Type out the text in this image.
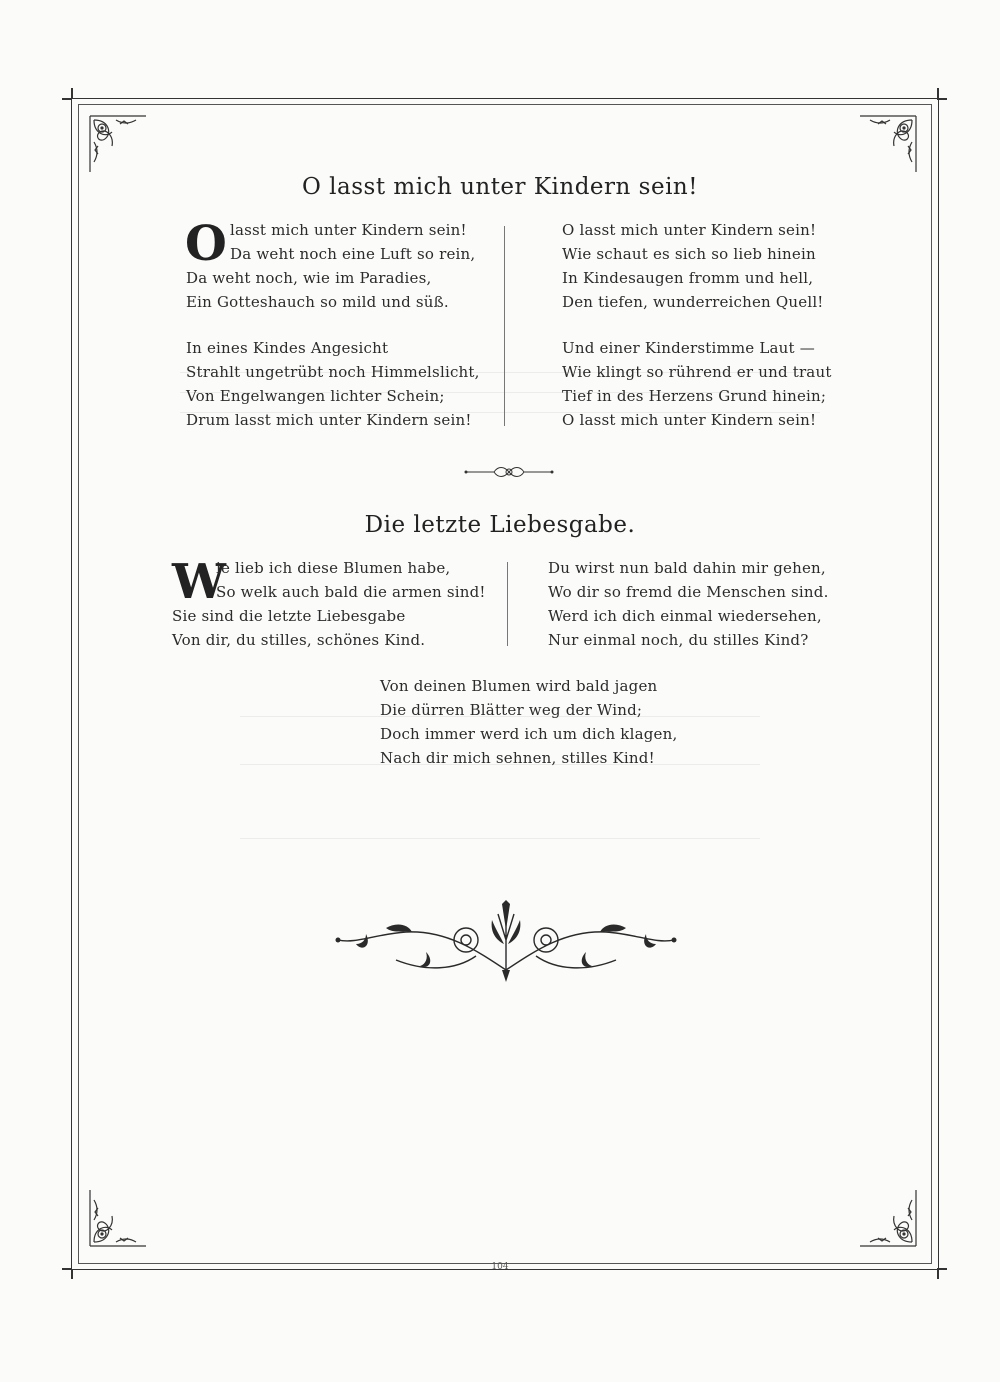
O lasst mich unter Kindern sein!
O lasst mich unter Kindern sein!
Da weht noch eine Luft so rein,
Da weht noch, wie im Paradies,
Ein Gotteshauch so mild und süß.
In eines Kindes Angesicht
Strahlt ungetrübt noch Himmelslicht,
Von Engelwangen lichter Schein;
Drum lasst mich unter Kindern sein!
O lasst mich unter Kindern sein!
Wie schaut es sich so lieb hinein
In Kindesaugen fromm und hell,
Den tiefen, wunderreichen Quell!
Und einer Kinderstimme Laut —
Wie klingt so rührend er und traut
Tief in des Herzens Grund hinein;
O lasst mich unter Kindern sein!
Die letzte Liebesgabe.
W
ie lieb ich diese Blumen habe,
So welk auch bald die armen sind!
Sie sind die letzte Liebesgabe
Von dir, du stilles, schönes Kind.
Du wirst nun bald dahin mir gehen,
Wo dir so fremd die Menschen sind.
Werd ich dich einmal wiedersehen,
Nur einmal noch, du stilles Kind?
Von deinen Blumen wird bald jagen
Die dürren Blätter weg der Wind;
Doch immer werd ich um dich klagen,
Nach dir mich sehnen, stilles Kind!
104
